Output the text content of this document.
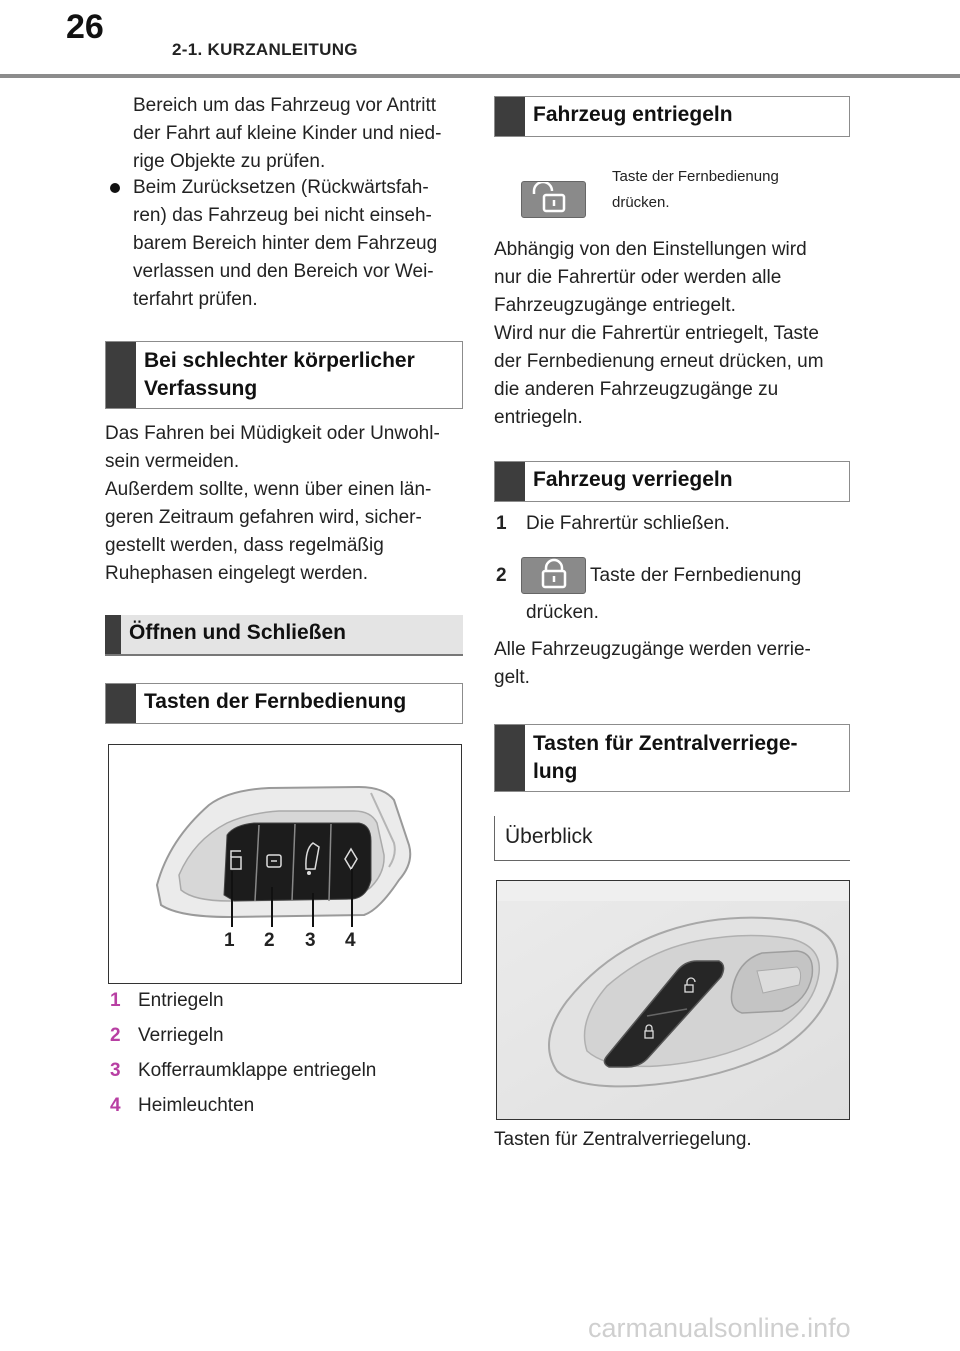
26
2-1. KURZANLEITUNG
Bereich um das Fahrzeug vor Antritt
der Fahrt auf kleine Kinder und nied-
rige Objekte zu prüfen.
Beim Zurücksetzen (Rückwärtsfah-
ren) das Fahrzeug bei nicht einseh-
barem Bereich hinter dem Fahrzeug
verlassen und den Bereich vor Wei-
terfahrt prüfen.
Bei schlechter körperlicher
Verfassung
Das Fahren bei Müdigkeit oder Unwohl-
sein vermeiden.
Außerdem sollte, wenn über einen län-
geren Zeitraum gefahren wird, sicher-
gestellt werden, dass regelmäßig
Ruhephasen eingelegt werden.
Öffnen und Schließen
Tasten der Fernbedienung
1 2 3 4
1 Entriegeln
2 Verriegeln
3 Kofferraumklappe entriegeln
4 Heimleuchten
Fahrzeug entriegeln
Taste der Fernbedienung
drücken.
Abhängig von den Einstellungen wird
nur die Fahrertür oder werden alle
Fahrzeugzugänge entriegelt.
Wird nur die Fahrertür entriegelt, Taste
der Fernbedienung erneut drücken, um
die anderen Fahrzeugzugänge zu
entriegeln.
Fahrzeug verriegeln
1 Die Fahrertür schließen.
2	Taste der Fernbedienung
drücken.
Alle Fahrzeugzugänge werden verrie-
gelt.
Tasten für Zentralverriege-
lung
Überblick
Tasten für Zentralverriegelung.
carmanualsonline.info
